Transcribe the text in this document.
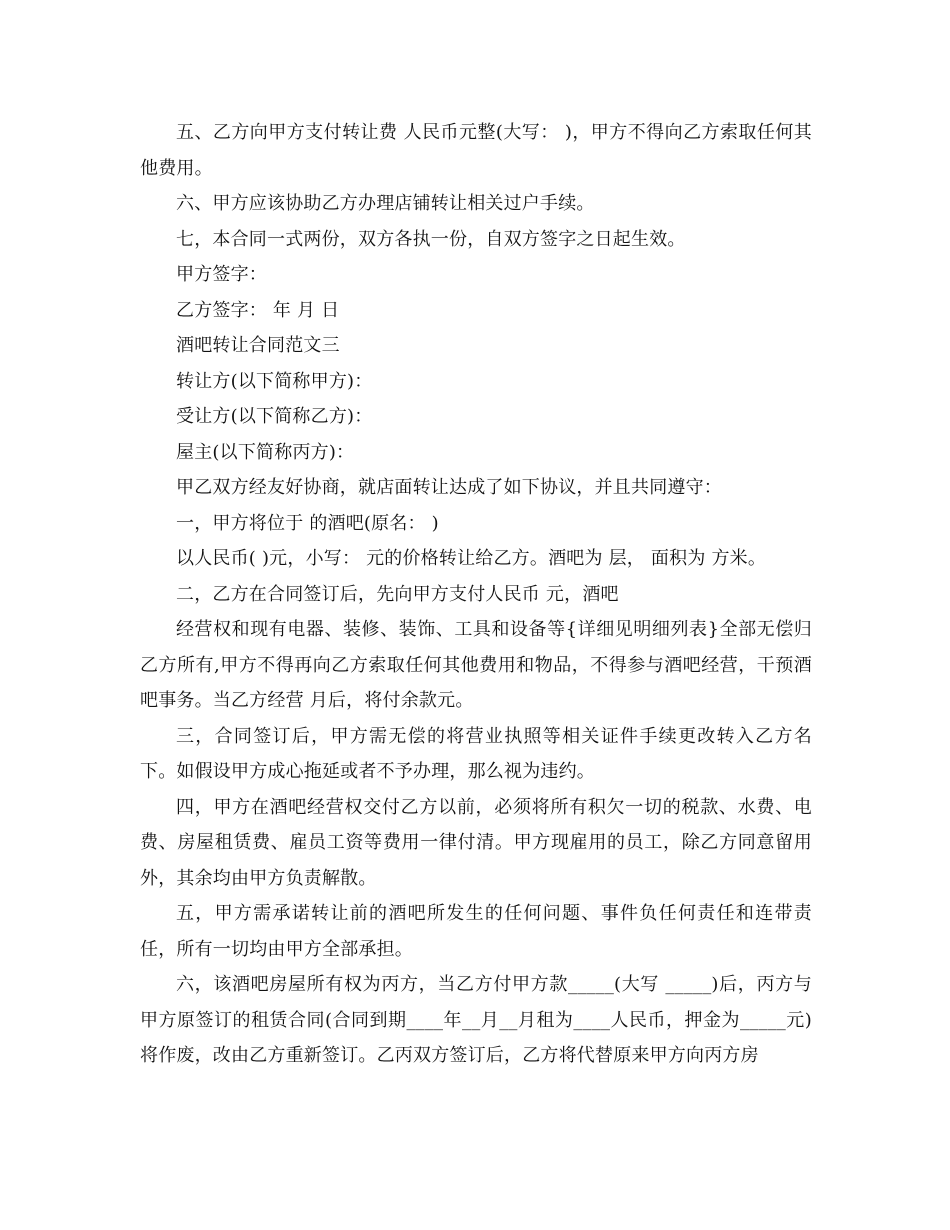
五、乙方向甲方支付转让费 人民币元整(大写： )，甲方不得向乙方索取任何其他费用。

六、甲方应该协助乙方办理店铺转让相关过户手续。

七，本合同一式两份，双方各执一份，自双方签字之日起生效。

甲方签字：

乙方签字： 年 月 日

酒吧转让合同范文三

转让方(以下简称甲方)：

受让方(以下简称乙方)：

屋主(以下简称丙方)：

甲乙双方经友好协商，就店面转让达成了如下协议，并且共同遵守：

一，甲方将位于 的酒吧(原名： )

以人民币( )元，小写： 元的价格转让给乙方。酒吧为 层， 面积为 方米。

二，乙方在合同签订后，先向甲方支付人民币 元，酒吧

经营权和现有电器、装修、装饰、工具和设备等{详细见明细列表}全部无偿归乙方所有,甲方不得再向乙方索取任何其他费用和物品，不得参与酒吧经营，干预酒吧事务。当乙方经营 月后，将付余款元。

三，合同签订后，甲方需无偿的将营业执照等相关证件手续更改转入乙方名下。如假设甲方成心拖延或者不予办理，那么视为违约。

四，甲方在酒吧经营权交付乙方以前，必须将所有积欠一切的税款、水费、电费、房屋租赁费、雇员工资等费用一律付清。甲方现雇用的员工，除乙方同意留用外，其余均由甲方负责解散。

五，甲方需承诺转让前的酒吧所发生的任何问题、事件负任何责任和连带责任，所有一切均由甲方全部承担。

六，该酒吧房屋所有权为丙方，当乙方付甲方款_____(大写 _____)后，丙方与甲方原签订的租赁合同(合同到期____年__月__月租为____人民币，押金为_____元)将作废，改由乙方重新签订。乙丙双方签订后，乙方将代替原来甲方向丙方房
